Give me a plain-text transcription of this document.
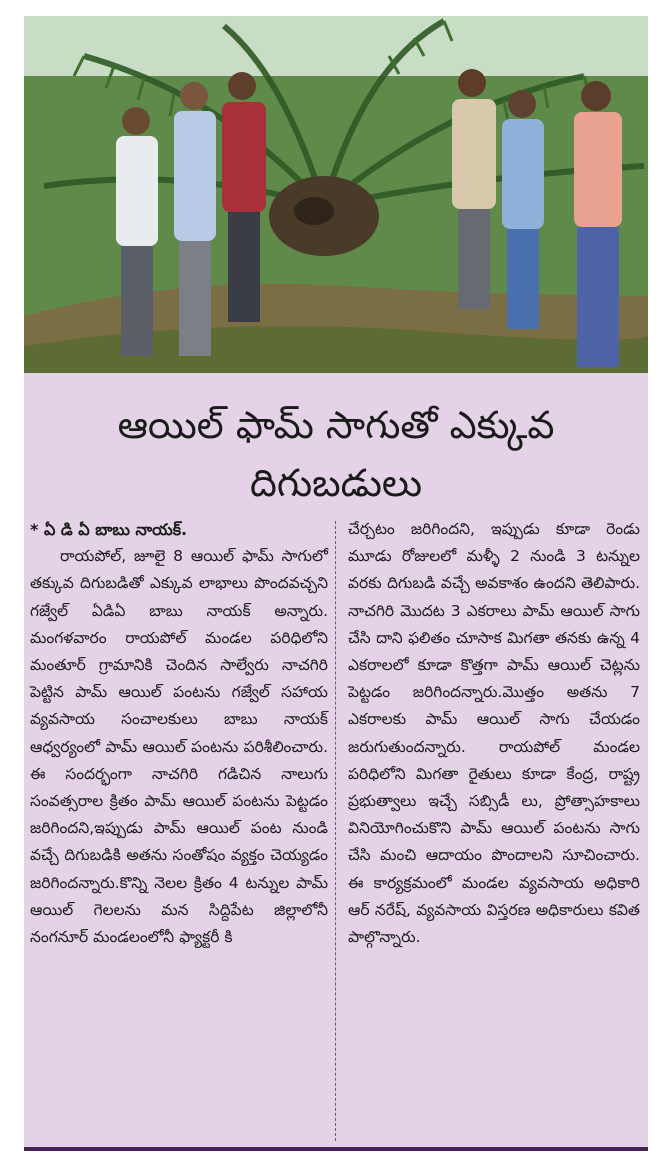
ఆయిల్ ఫామ్ సాగుతో ఎక్కువ
దిగుబడులు
* ఏ డి ఏ బాబు నాయక్.
రాయపోల్, జూలై 8 ఆయిల్ ఫామ్ సాగులో తక్కువ దిగుబడితో ఎక్కువ లాభాలు పొందవచ్చని గజ్వేల్ ఏడిఏ బాబు నాయక్ అన్నారు. మంగళవారం రాయపోల్ మండల పరిధిలోని మంతూర్ గ్రామానికి చెందిన సాల్వేరు నాచగిరి పెట్టిన పామ్ ఆయిల్ పంటను గజ్వేల్ సహాయ వ్యవసాయ సంచాలకులు బాబు నాయక్ ఆధ్వర్యంలో పామ్ ఆయిల్ పంటను పరిశీలించారు. ఈ సందర్భంగా నాచగిరి గడిచిన నాలుగు సంవత్సరాల క్రితం పామ్ ఆయిల్ పంటను పెట్టడం జరిగిందని,ఇప్పుడు పామ్ ఆయిల్ పంట నుండి వచ్చే దిగుబడికి అతను సంతోషం వ్యక్తం చెయ్యడం జరిగిందన్నారు.కొన్ని నెలల క్రితం 4 టన్నుల పామ్ ఆయిల్ గెలలను మన సిద్దిపేట జిల్లాలోనీ నంగనూర్ మండలంలోనీ ఫ్యాక్టరీ కి
చేర్చటం జరిగిందని, ఇప్పుడు కూడా రెండు మూడు రోజులలో మళ్ళీ 2 నుండి 3 టన్నుల వరకు దిగుబడి వచ్చే అవకాశం ఉందని తెలిపారు. నాచగిరి మొదట 3 ఎకరాలు పామ్ ఆయిల్ సాగు చేసి దాని ఫలితం చూసాక మిగతా తనకు ఉన్న 4 ఎకరాలలో కూడా కొత్తగా పామ్ ఆయిల్ చెట్లను పెట్టడం జరిగిందన్నారు.మొత్తం అతను 7 ఎకరాలకు పామ్ ఆయిల్ సాగు చేయడం జరుగుతుందన్నారు. రాయపోల్ మండల పరిధిలోని మిగతా రైతులు కూడా కేంద్ర, రాష్ట్ర ప్రభుత్వాలు ఇచ్చే సబ్సిడీ లు, ప్రోత్సాహకాలు వినియోగించుకొని పామ్ ఆయిల్ పంటను సాగు చేసి మంచి ఆదాయం పొందాలని సూచించారు. ఈ కార్యక్రమంలో మండల వ్యవసాయ అధికారి ఆర్ నరేష్, వ్యవసాయ విస్తరణ అధికారులు కవిత పాల్గొన్నారు.
